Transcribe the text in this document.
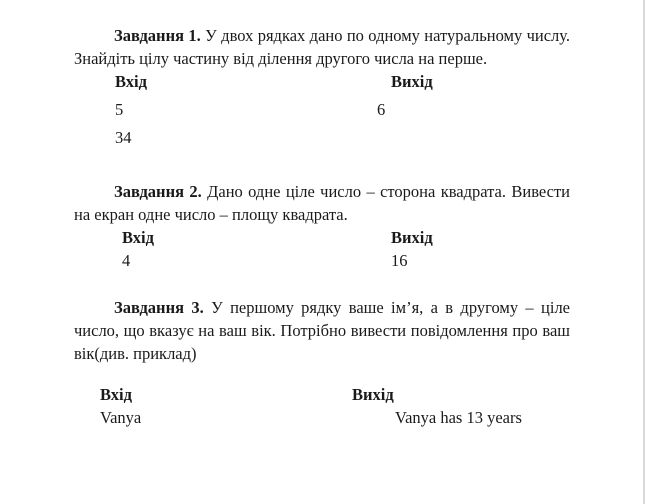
Завдання 1. У двох рядках дано по одному натуральному числу. Знайдіть цілу частину від ділення другого числа на перше.

Вхід	Вихід
5	6
34

Завдання 2. Дано одне ціле число – сторона квадрата. Вивести на екран одне число – площу квадрата.

Вхід	Вихід
4	16

Завдання 3. У першому рядку ваше ім’я, а в другому – ціле число, що вказує на ваш вік. Потрібно вивести повідомлення про ваш вік(див. приклад)

Вхід	Вихід
Vanya	Vanya has 13 years
